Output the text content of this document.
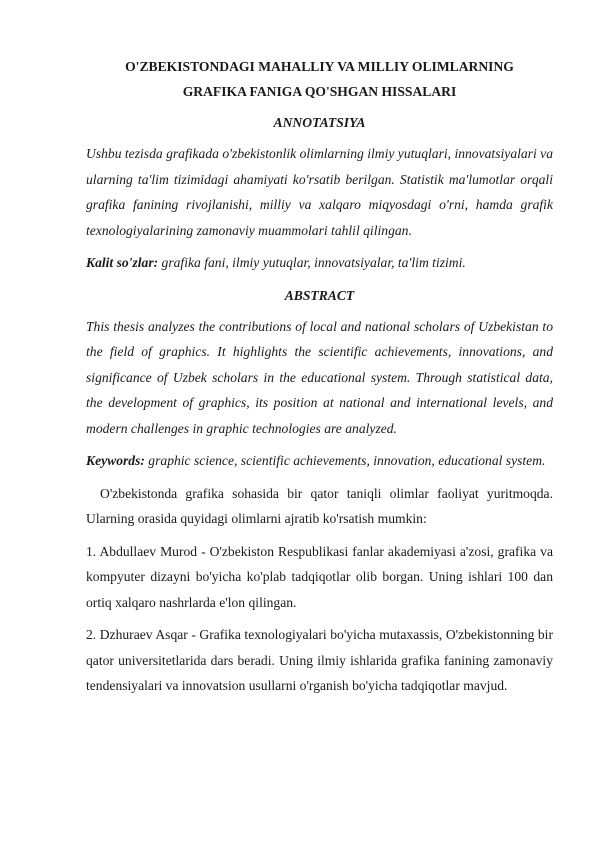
O'ZBEKISTONDAGI MAHALLIY VA MILLIY OLIMLARNING
GRAFIKA FANIGA QO'SHGAN HISSALARI
ANNOTATSIYA

Ushbu tezisda grafikada o'zbekistonlik olimlarning ilmiy yutuqlari, innovatsiyalari va ularning ta'lim tizimidagi ahamiyati ko'rsatib berilgan. Statistik ma'lumotlar orqali grafika fanining rivojlanishi, milliy va xalqaro miqyosdagi o'rni, hamda grafik texnologiyalarining zamonaviy muammolari tahlil qilingan.

Kalit so'zlar: grafika fani, ilmiy yutuqlar, innovatsiyalar, ta'lim tizimi.

ABSTRACT

This thesis analyzes the contributions of local and national scholars of Uzbekistan to the field of graphics. It highlights the scientific achievements, innovations, and significance of Uzbek scholars in the educational system. Through statistical data, the development of graphics, its position at national and international levels, and modern challenges in graphic technologies are analyzed.

Keywords: graphic science, scientific achievements, innovation, educational system.

O'zbekistonda grafika sohasida bir qator taniqli olimlar faoliyat yuritmoqda. Ularning orasida quyidagi olimlarni ajratib ko'rsatish mumkin:

1. Abdullaev Murod - O'zbekiston Respublikasi fanlar akademiyasi a'zosi, grafika va kompyuter dizayni bo'yicha ko'plab tadqiqotlar olib borgan. Uning ishlari 100 dan ortiq xalqaro nashrlarda e'lon qilingan.

2. Dzhuraev Asqar - Grafika texnologiyalari bo'yicha mutaxassis, O'zbekistonning bir qator universitetlarida dars beradi. Uning ilmiy ishlarida grafika fanining zamonaviy tendensiyalari va innovatsion usullarni o'rganish bo'yicha tadqiqotlar mavjud.
